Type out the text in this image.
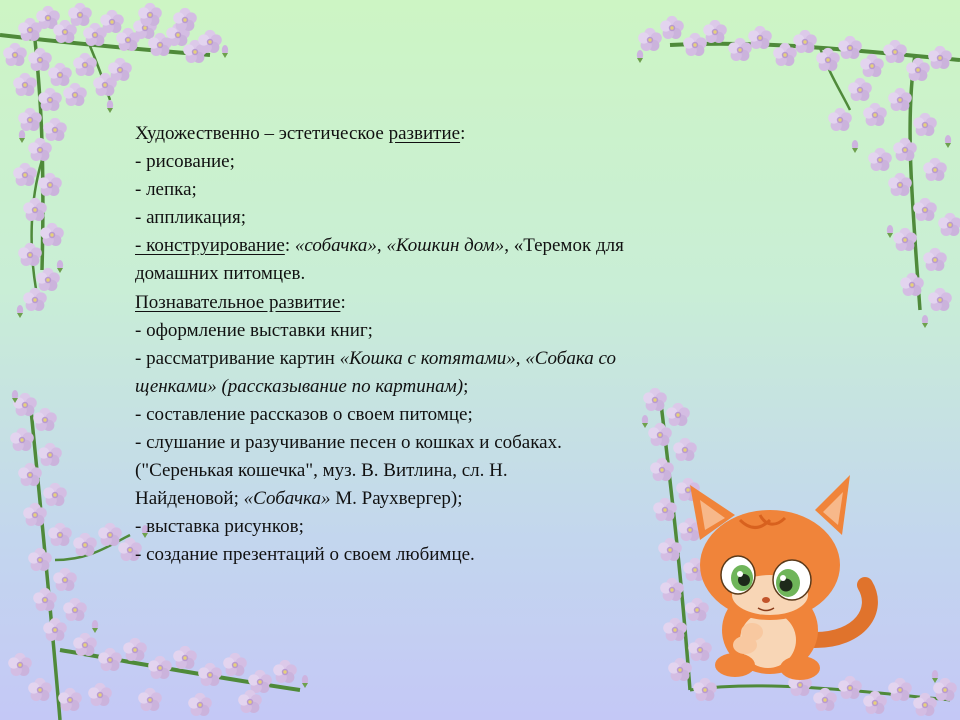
Художественно – эстетическое развитие:
- рисование;
- лепка;
- аппликация;
- конструирование: «собачка», «Кошкин дом», «Теремок для
домашних питомцев.
Познавательное развитие:
- оформление выставки книг;
- рассматривание картин «Кошка с котятами», «Собака со
щенками» (рассказывание по картинам);
- составление рассказов о своем питомце;
- слушание и разучивание песен о кошках и собаках.
("Серенькая кошечка", муз. В. Витлина, сл. Н.
Найденовой; «Собачка» М. Раухвергер);
- выставка рисунков;
- создание презентаций о своем любимце.
